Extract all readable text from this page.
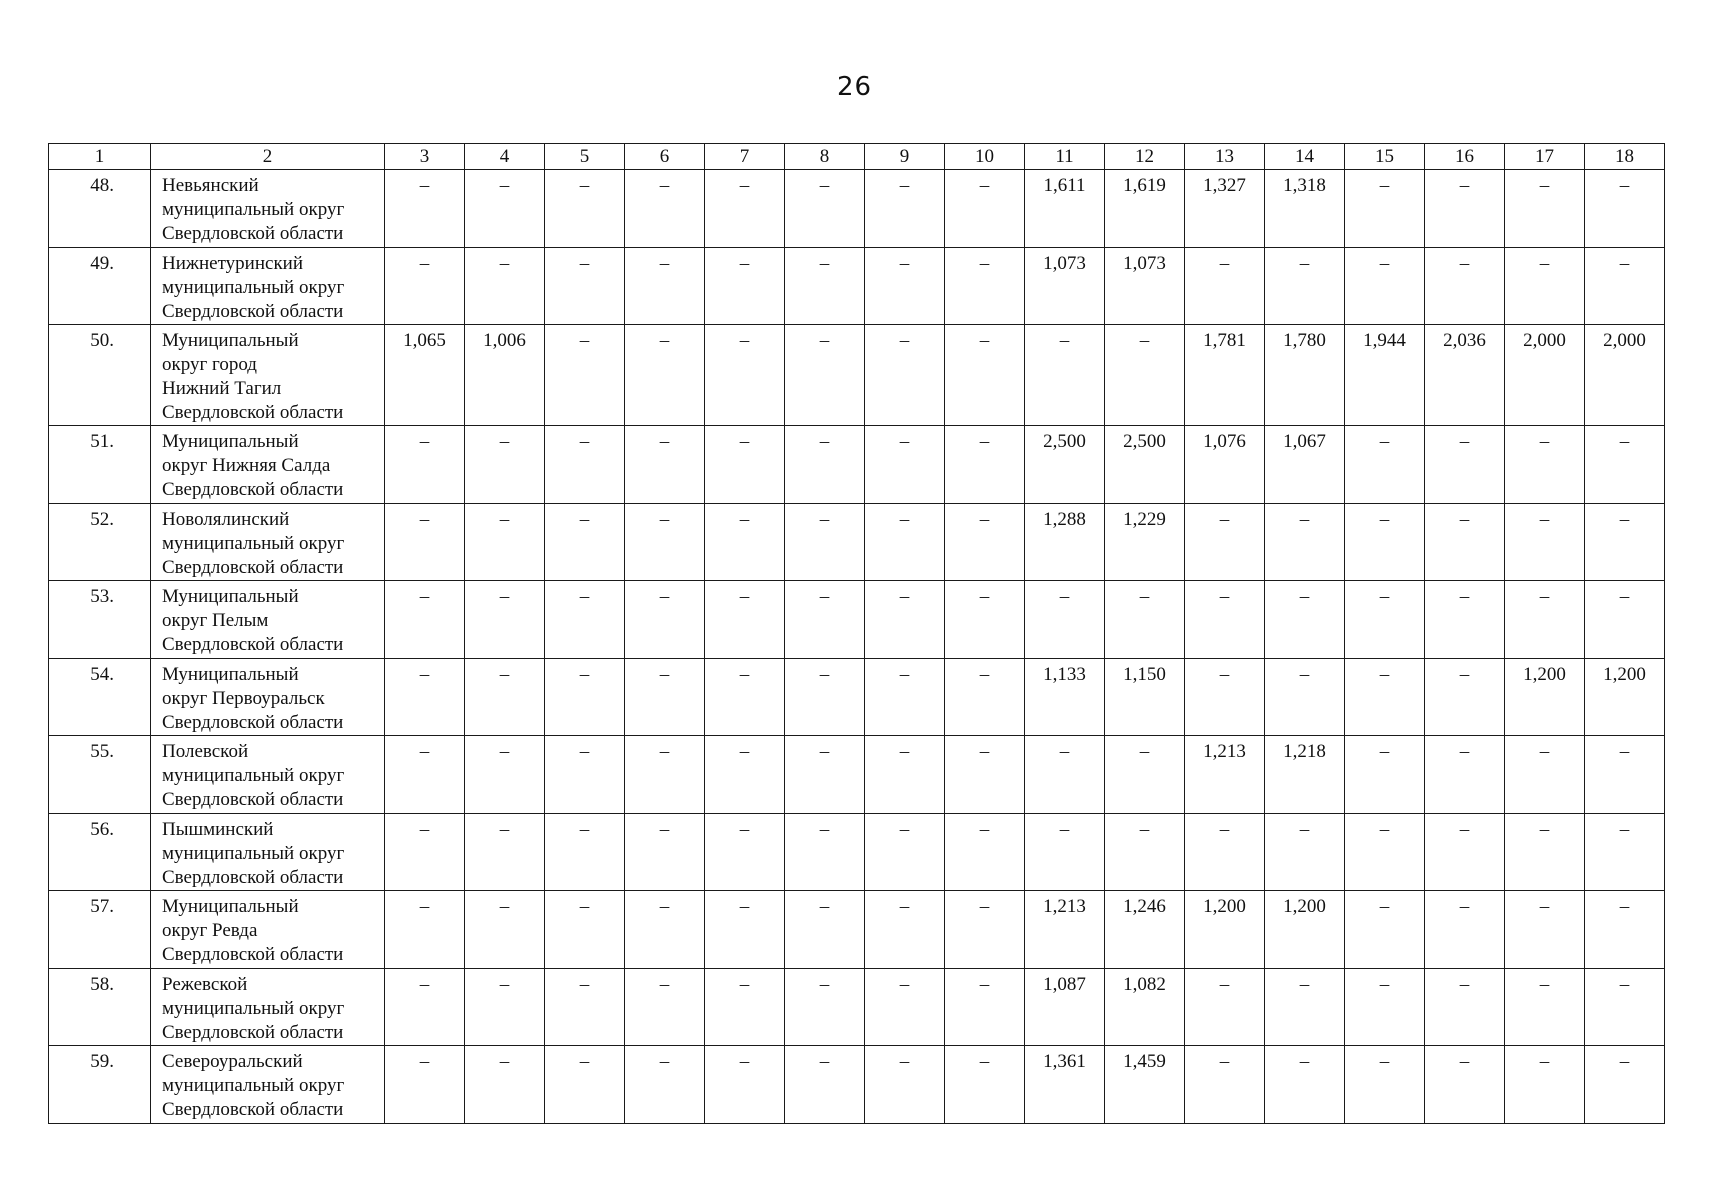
26
1	2	3	4	5	6	7	8	9	10	11	12	13	14	15	16	17	18
48.	Невьянский
муниципальный округ
Свердловской области	–	–	–	–	–	–	–	–	1,611	1,619	1,327	1,318	–	–	–	–
49.	Нижнетуринский
муниципальный округ
Свердловской области	–	–	–	–	–	–	–	–	1,073	1,073	–	–	–	–	–	–
50.	Муниципальный
округ город
Нижний Тагил
Свердловской области	1,065	1,006	–	–	–	–	–	–	–	–	1,781	1,780	1,944	2,036	2,000	2,000
51.	Муниципальный
округ Нижняя Салда
Свердловской области	–	–	–	–	–	–	–	–	2,500	2,500	1,076	1,067	–	–	–	–
52.	Новолялинский
муниципальный округ
Свердловской области	–	–	–	–	–	–	–	–	1,288	1,229	–	–	–	–	–	–
53.	Муниципальный
округ Пелым
Свердловской области	–	–	–	–	–	–	–	–	–	–	–	–	–	–	–	–
54.	Муниципальный
округ Первоуральск
Свердловской области	–	–	–	–	–	–	–	–	1,133	1,150	–	–	–	–	1,200	1,200
55.	Полевской
муниципальный округ
Свердловской области	–	–	–	–	–	–	–	–	–	–	1,213	1,218	–	–	–	–
56.	Пышминский
муниципальный округ
Свердловской области	–	–	–	–	–	–	–	–	–	–	–	–	–	–	–	–
57.	Муниципальный
округ Ревда
Свердловской области	–	–	–	–	–	–	–	–	1,213	1,246	1,200	1,200	–	–	–	–
58.	Режевской
муниципальный округ
Свердловской области	–	–	–	–	–	–	–	–	1,087	1,082	–	–	–	–	–	–
59.	Североуральский
муниципальный округ
Свердловской области	–	–	–	–	–	–	–	–	1,361	1,459	–	–	–	–	–	–
